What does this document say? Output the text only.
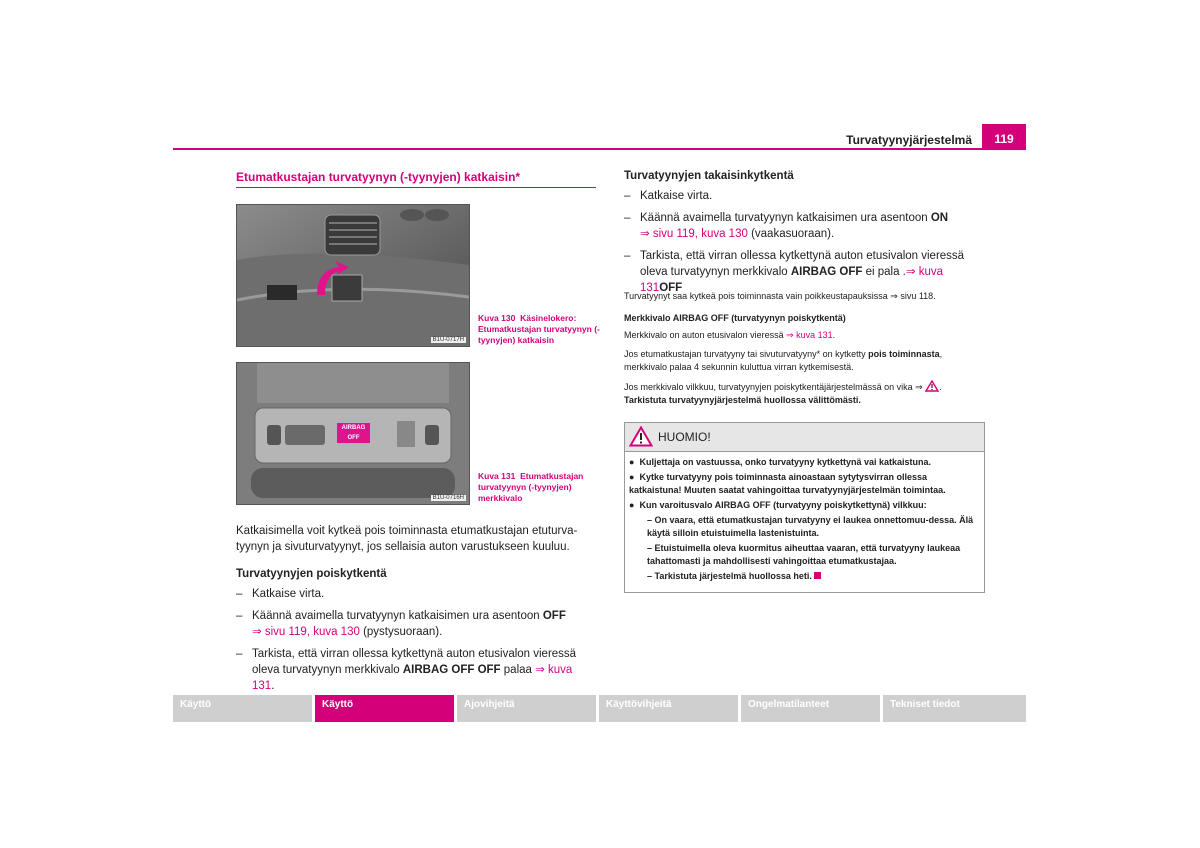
Turvatyynyjärjestelmä	119
Etumatkustajan turvatyynyn (-tyynyjen) katkaisin*
B1U-0717H
Kuva 130 Käsinelokero: Etumatkustajan turvatyynyn (-tyynyjen) katkaisin
AIRBAG OFF
B1U-0716H
Kuva 131 Etumatkustajan turvatyynyn (-tyynyjen) merkkivalo
Katkaisimella voit kytkeä pois toiminnasta etumatkustajan etuturva-tyynyn ja sivuturvatyynyt, jos sellaisia auton varustukseen kuuluu.
Turvatyynyjen poiskytkentä
– Katkaise virta.
– Käännä avaimella turvatyynyn katkaisimen ura asentoon OFF
⇒ sivu 119, kuva 130 (pystysuoraan).
– Tarkista, että virran ollessa kytkettynä auton etusivalon vieressä oleva turvatyynyn merkkivalo AIRBAG OFF OFF palaa ⇒ kuva 131.
Turvatyynyjen takaisinkytkentä
– Katkaise virta.
– Käännä avaimella turvatyynyn katkaisimen ura asentoon ON
⇒ sivu 119, kuva 130 (vaakasuoraan).
– Tarkista, että virran ollessa kytkettynä auton etusivalon vieressä oleva turvatyynyn merkkivalo AIRBAG OFF ei pala .⇒ kuva 131OFF
Turvatyynyt saa kytkeä pois toiminnasta vain poikkeustapauksissa ⇒ sivu 118.
Merkkivalo AIRBAG OFF (turvatyynyn poiskytkentä)
Merkkivalo on auton etusivalon vieressä ⇒ kuva 131.
Jos etumatkustajan turvatyyny tai sivuturvatyyny* on kytketty pois toiminnasta, merkkivalo palaa 4 sekunnin kuluttua virran kytkemisestä.
Jos merkkivalo vilkkuu, turvatyynyjen poiskytkentäjärjestelmässä on vika ⇒ .
Tarkistuta turvatyynyjärjestelmä huollossa välittömästi.
HUOMIO!
● Kuljettaja on vastuussa, onko turvatyyny kytkettynä vai katkaistuna.
● Kytke turvatyyny pois toiminnasta ainoastaan sytytysvirran ollessa katkaistuna! Muuten saatat vahingoittaa turvatyynyjärjestelmän toimintaa.
● Kun varoitusvalo AIRBAG OFF (turvatyyny poiskytkettynä) vilkkuu:
– On vaara, että etumatkustajan turvatyyny ei laukea onnettomuu-dessa. Älä käytä silloin etuistuimella lastenistuinta.
– Etuistuimella oleva kuormitus aiheuttaa vaaran, että turvatyyny laukeaa tahattomasti ja mahdollisesti vahingoittaa etumatkustajaa.
– Tarkistuta järjestelmä huollossa heti.
Käyttö	Käyttö	Ajovihjeitä	Käyttövihjeitä	Ongelmatilanteet	Tekniset tiedot
